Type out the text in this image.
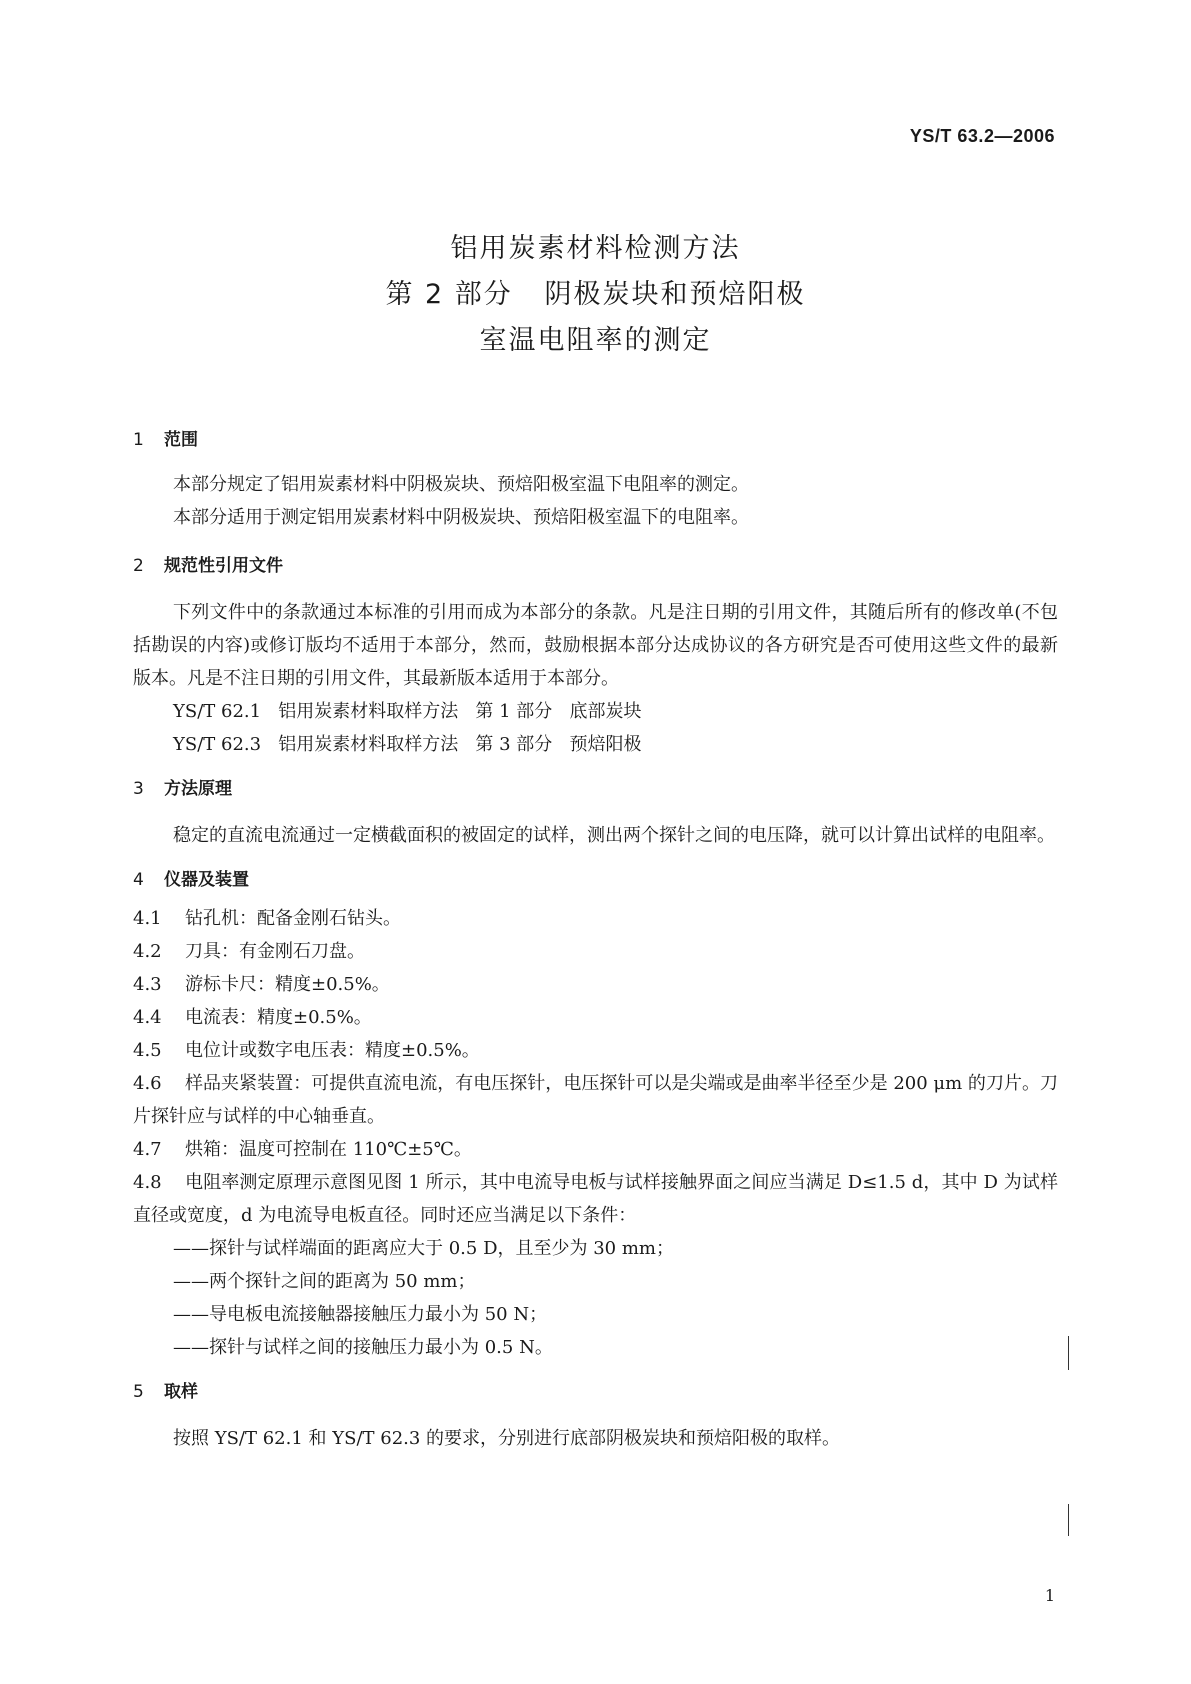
YS/T 63.2—2006
铝用炭素材料检测方法
第 2 部分   阴极炭块和预焙阳极
室温电阻率的测定
1 范围
本部分规定了铝用炭素材料中阴极炭块、预焙阳极室温下电阻率的测定。
本部分适用于测定铝用炭素材料中阴极炭块、预焙阳极室温下的电阻率。
2 规范性引用文件
下列文件中的条款通过本标准的引用而成为本部分的条款。凡是注日期的引用文件，其随后所有的修改单(不包括勘误的内容)或修订版均不适用于本部分，然而，鼓励根据本部分达成协议的各方研究是否可使用这些文件的最新版本。凡是不注日期的引用文件，其最新版本适用于本部分。
YS/T 62.1   铝用炭素材料取样方法   第 1 部分   底部炭块
YS/T 62.3   铝用炭素材料取样方法   第 3 部分   预焙阳极
3 方法原理
稳定的直流电流通过一定横截面积的被固定的试样，测出两个探针之间的电压降，就可以计算出试样的电阻率。
4 仪器及装置
4.1 钻孔机：配备金刚石钻头。
4.2 刀具：有金刚石刀盘。
4.3 游标卡尺：精度±0.5%。
4.4 电流表：精度±0.5%。
4.5 电位计或数字电压表：精度±0.5%。
4.6 样品夹紧装置：可提供直流电流，有电压探针，电压探针可以是尖端或是曲率半径至少是 200 μm 的刀片。刀片探针应与试样的中心轴垂直。
4.7 烘箱：温度可控制在 110℃±5℃。
4.8 电阻率测定原理示意图见图 1 所示，其中电流导电板与试样接触界面之间应当满足 D≤1.5 d，其中 D 为试样直径或宽度，d 为电流导电板直径。同时还应当满足以下条件：
——探针与试样端面的距离应大于 0.5 D，且至少为 30 mm；
——两个探针之间的距离为 50 mm；
——导电板电流接触器接触压力最小为 50 N；
——探针与试样之间的接触压力最小为 0.5 N。
5 取样
按照 YS/T 62.1 和 YS/T 62.3 的要求，分别进行底部阴极炭块和预焙阳极的取样。
1
